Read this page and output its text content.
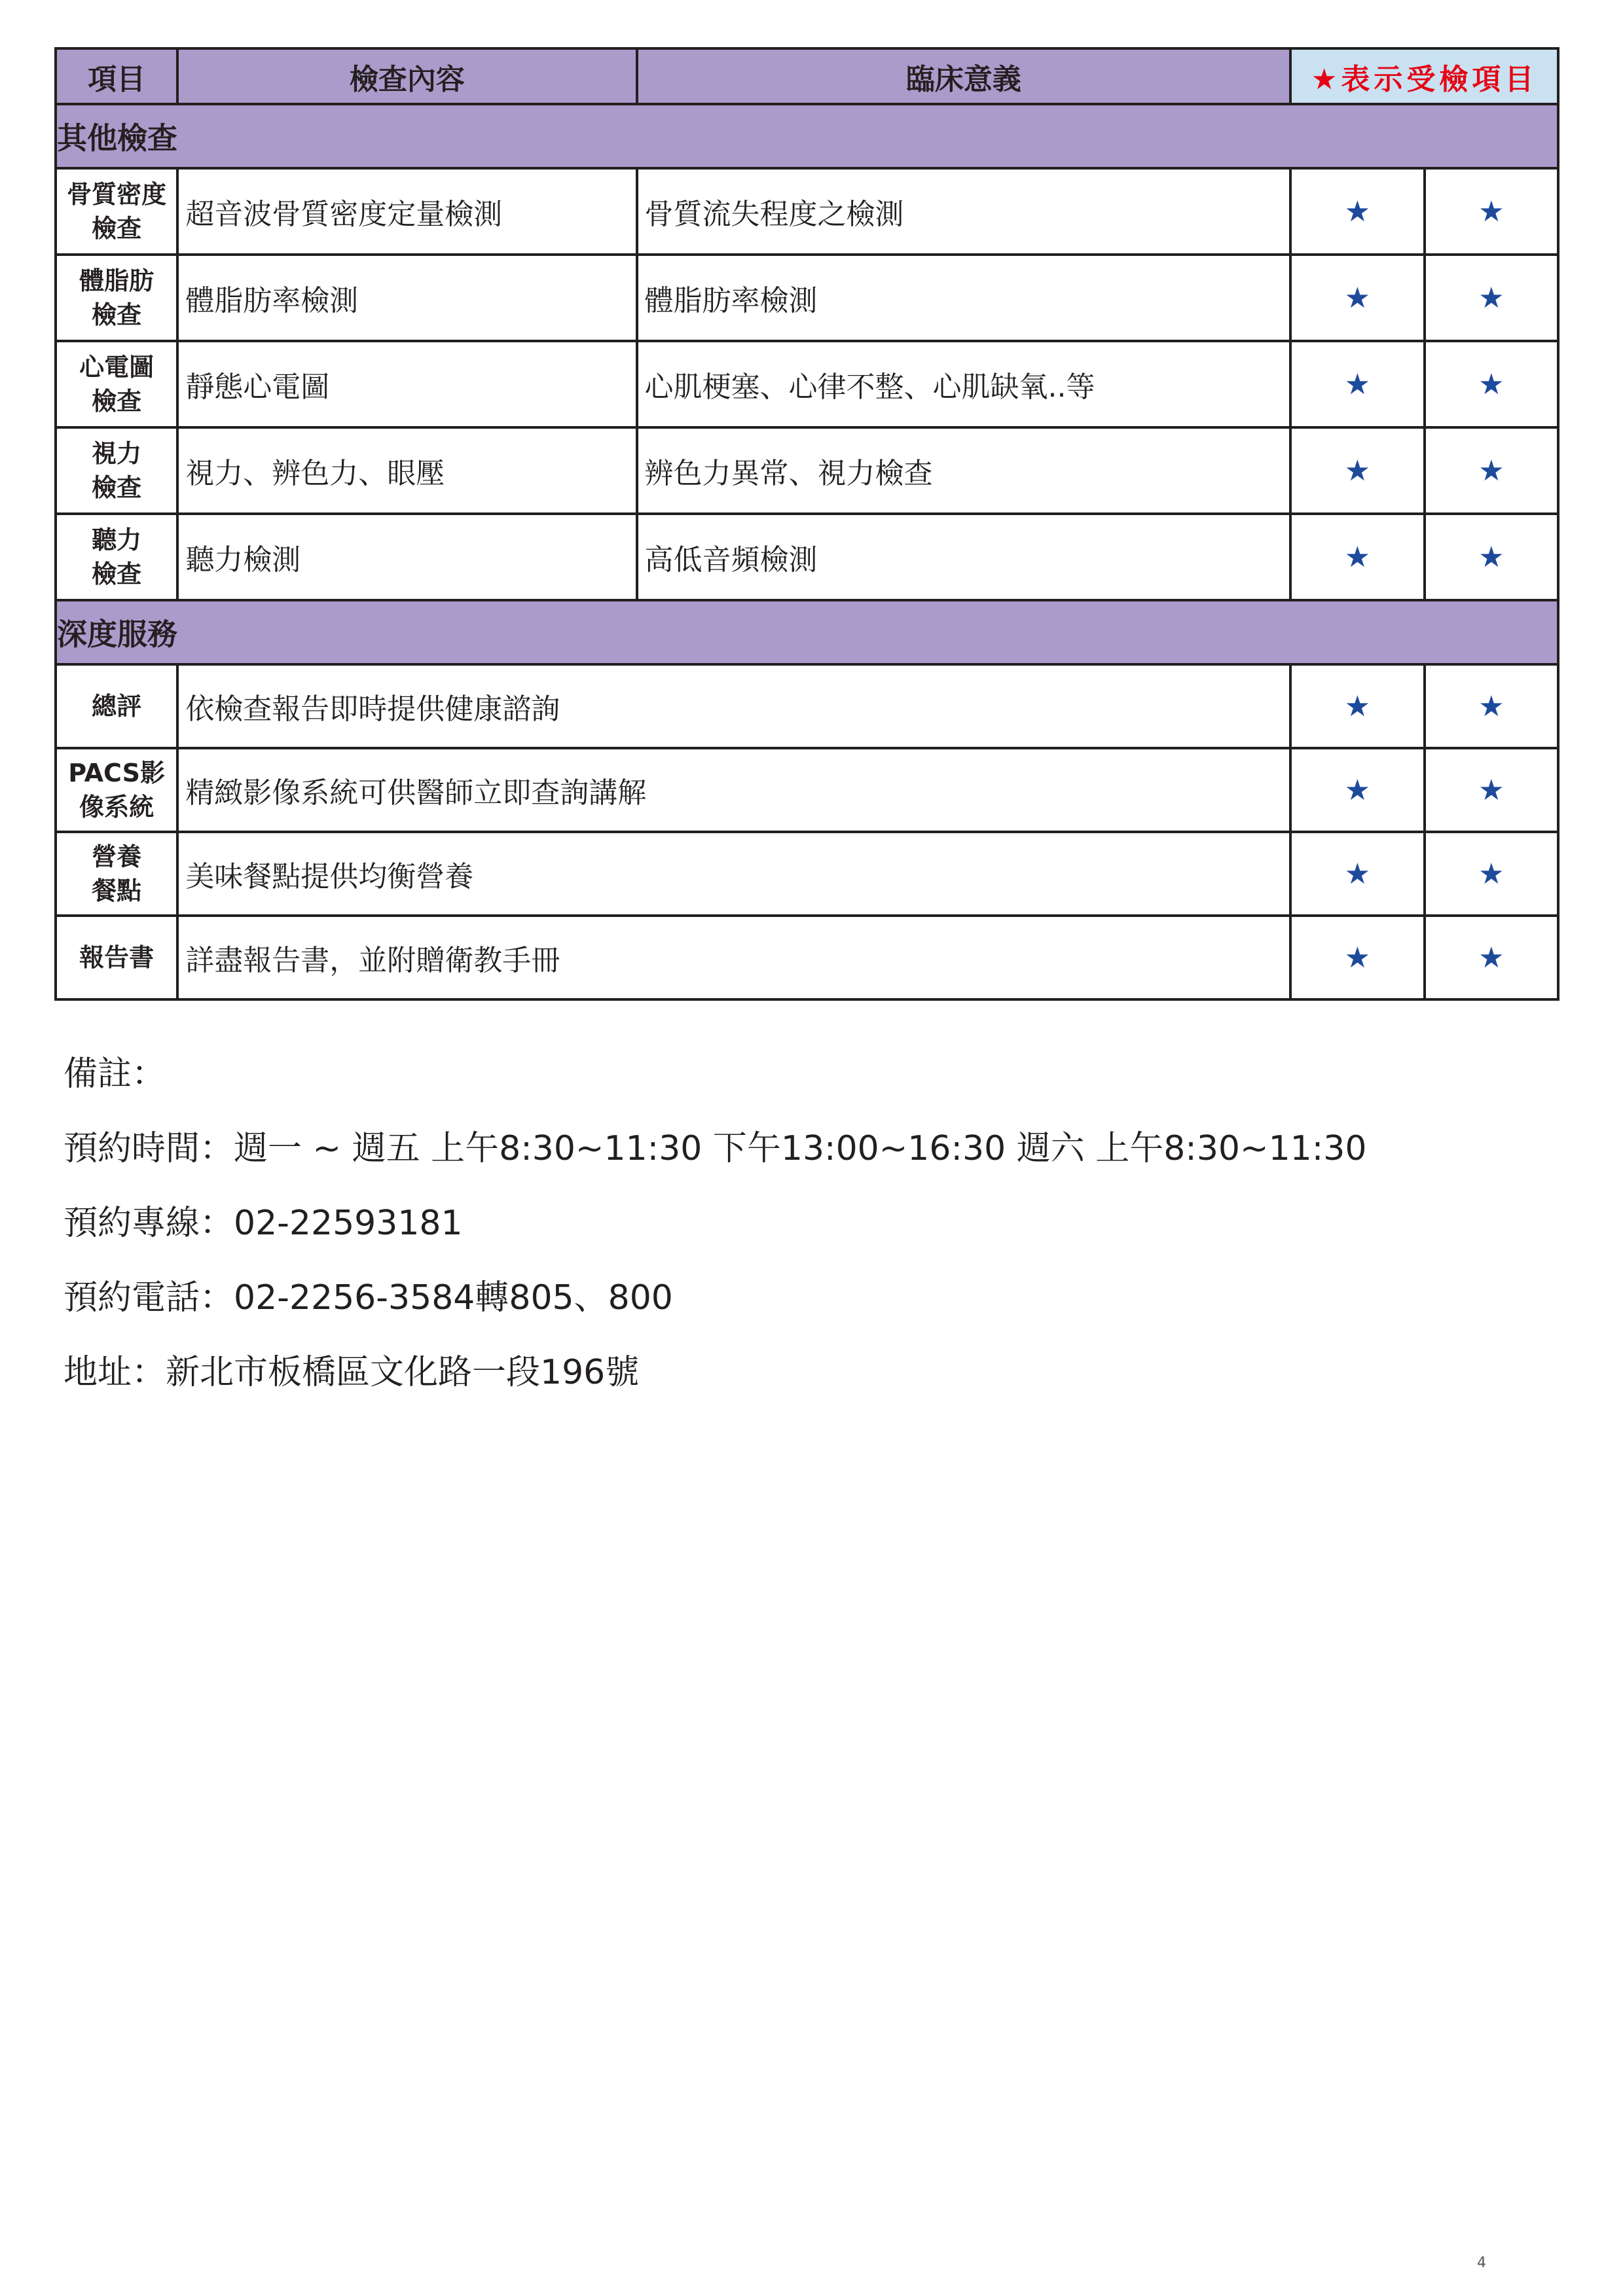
項目	檢查內容	臨床意義	★表示受檢項目	
其他檢查				

骨質密度
檢查	超音波骨質密度定量檢測	骨質流失程度之檢測	★	★

體脂肪
檢查	體脂肪率檢測	體脂肪率檢測	★	★

心電圖
檢查	靜態心電圖	心肌梗塞、心律不整、心肌缺氧..等	★	★

視力
檢查	視力、辨色力、眼壓	辨色力異常、視力檢查	★	★

聽力
檢查	聽力檢測	高低音頻檢測	★	★
深度服務				

總評	依檢查報告即時提供健康諮詢		★	★

PACS影
像系統	精緻影像系統可供醫師立即查詢講解		★	★

營養
餐點	美味餐點提供均衡營養		★	★

報告書	詳盡報告書，並附贈衛教手冊		★	★
備註：
預約時間：週一 ~ 週五 上午8:30~11:30 下午13:00~16:30 週六 上午8:30~11:30
預約專線：02-22593181
預約電話：02-2256-3584轉805、800
地址：新北市板橋區文化路一段196號
4
